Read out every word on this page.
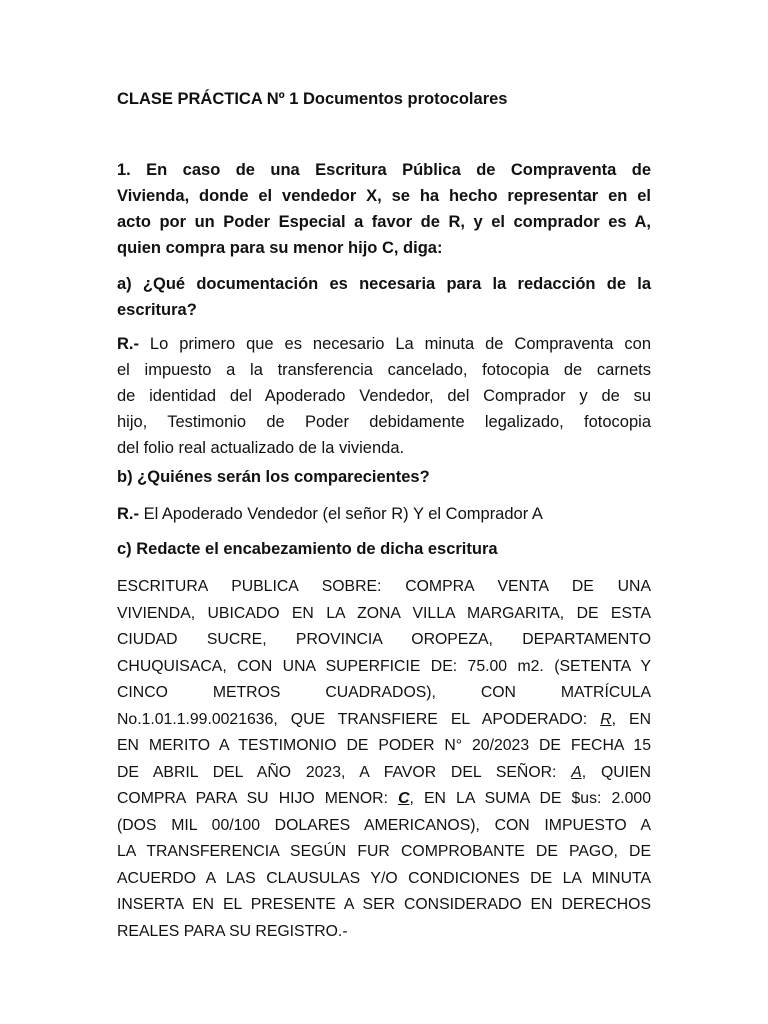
CLASE PRÁCTICA Nº 1 Documentos protocolares

1. En caso de una Escritura Pública de Compraventa de
Vivienda, donde el vendedor X, se ha hecho representar en el
acto por un Poder Especial a favor de R, y el comprador es A,
quien compra para su menor hijo C, diga:
a) ¿Qué documentación es necesaria para la redacción de la
escritura?
R.- Lo primero que es necesario La minuta de Compraventa con
el impuesto a la transferencia cancelado, fotocopia de carnets
de identidad del Apoderado Vendedor, del Comprador y de su
hijo, Testimonio de Poder debidamente legalizado, fotocopia
del folio real actualizado de la vivienda.
b) ¿Quiénes serán los comparecientes?
R.- El Apoderado Vendedor (el señor R) Y el Comprador A
c) Redacte el encabezamiento de dicha escritura
ESCRITURA PUBLICA SOBRE: COMPRA VENTA DE UNA
VIVIENDA, UBICADO EN LA ZONA VILLA MARGARITA, DE ESTA
CIUDAD SUCRE, PROVINCIA OROPEZA, DEPARTAMENTO
CHUQUISACA, CON UNA SUPERFICIE DE: 75.00 m2. (SETENTA Y
CINCO METROS CUADRADOS), CON MATRÍCULA
No.1.01.1.99.0021636, QUE TRANSFIERE EL APODERADO: R, EN
EN MERITO A TESTIMONIO DE PODER N° 20/2023 DE FECHA 15
DE ABRIL DEL AÑO 2023, A FAVOR DEL SEÑOR: A, QUIEN
COMPRA PARA SU HIJO MENOR: C, EN LA SUMA DE $us: 2.000
(DOS MIL 00/100 DOLARES AMERICANOS), CON IMPUESTO A
LA TRANSFERENCIA SEGÚN FUR COMPROBANTE DE PAGO, DE
ACUERDO A LAS CLAUSULAS Y/O CONDICIONES DE LA MINUTA
INSERTA EN EL PRESENTE A SER CONSIDERADO EN DERECHOS
REALES PARA SU REGISTRO.-
